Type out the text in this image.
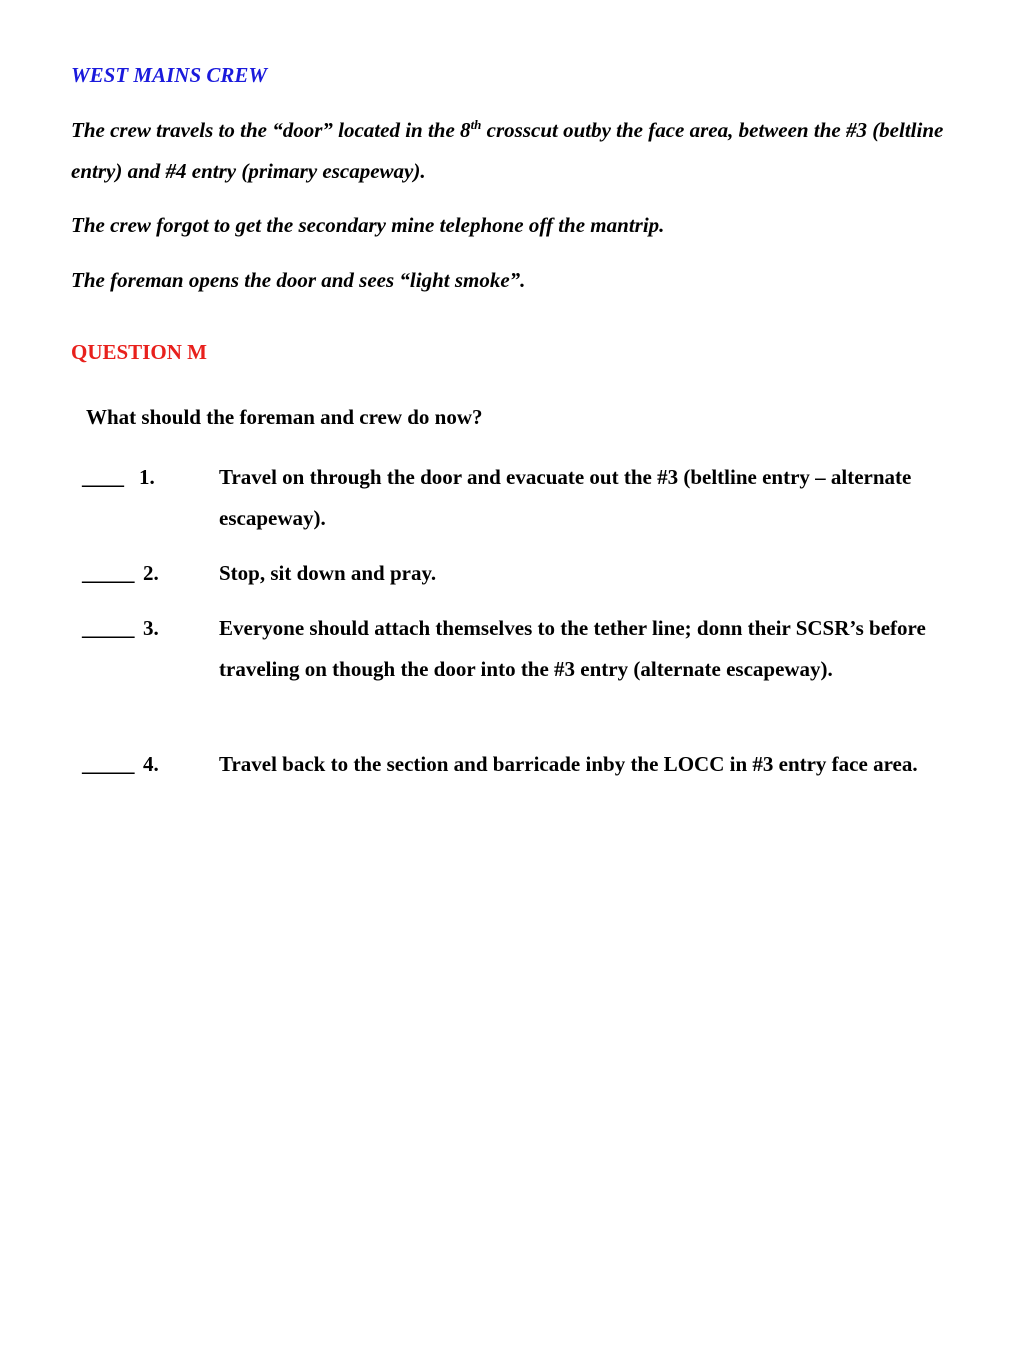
WEST MAINS CREW
The crew travels to the “door” located in the 8th crosscut outby the face area, between the #3 (beltline entry) and #4 entry (primary escapeway).
The crew forgot to get the secondary mine telephone off the mantrip.
The foreman opens the door and sees “light smoke”.
QUESTION M
What should the foreman and crew do now?
____ 1.	Travel on through the door and evacuate out the #3 (beltline entry – alternate escapeway).
_____ 2.	Stop, sit down and pray.
_____ 3.	Everyone should attach themselves to the tether line; donn their SCSR’s before traveling on though the door into the #3 entry (alternate escapeway).
_____ 4.	Travel back to the section and barricade inby the LOCC in #3 entry face area.
